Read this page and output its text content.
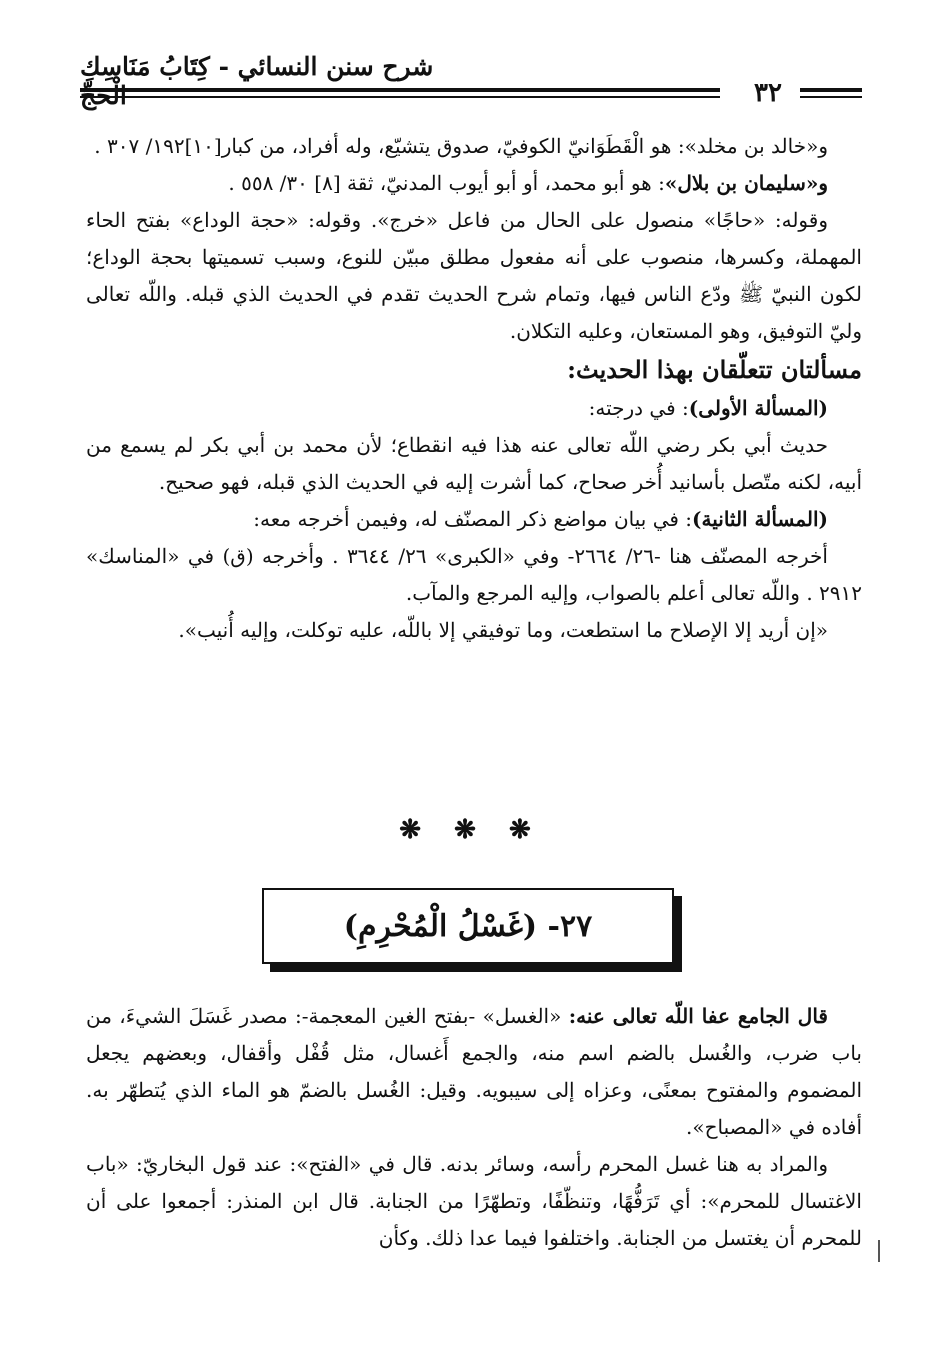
شرح سنن النسائي - كِتَابُ مَنَاسِكِ
٣٢

و«خالد بن مخلد»: هو الْقَطَوَانيّ الكوفيّ، صدوق يتشيّع، وله أفراد، من كبار[١٠]١٩٢/ ٣٠٧ .

و«سليمان بن بلال»: هو أبو محمد، أو أبو أيوب المدنيّ، ثقة [٨] ٣٠/ ٥٥٨ .

وقوله: «حاجًا» منصول على الحال من فاعل «خرج». وقوله: «حجة الوداع» بفتح الحاء المهملة، وكسرها، منصوب على أنه مفعول مطلق مبيّن للنوع، وسبب تسميتها بحجة الوداع؛ لكون النبيّ ﷺ ودّع الناس فيها، وتمام شرح الحديث تقدم في الحديث الذي قبله. واللّه تعالى وليّ التوفيق، وهو المستعان، وعليه التكلان.

مسألتان تتعلّقان بهذا الحديث:

(المسألة الأولى): في درجته:

حديث أبي بكر رضي اللّه تعالى عنه هذا فيه انقطاع؛ لأن محمد بن أبي بكر لم يسمع من أبيه، لكنه متّصل بأسانيد أُخر صحاح، كما أشرت إليه في الحديث الذي قبله، فهو صحيح.

(المسألة الثانية): في بيان مواضع ذكر المصنّف له، وفيمن أخرجه معه:

أخرجه المصنّف هنا -٢٦/ ٢٦٦٤- وفي «الكبرى» ٢٦/ ٣٦٤٤ . وأخرجه (ق) في «المناسك» ٢٩١٢ . واللّه تعالى أعلم بالصواب، وإليه المرجع والمآب.

«إن أريد إلا الإصلاح ما استطعت، وما توفيقي إلا باللّه، عليه توكلت، وإليه أُنيب».

❋ ❋ ❋
٢٧- (غَسْلُ الْمُحْرِمِ)

قال الجامع عفا اللّه تعالى عنه: «الغسل» -بفتح الغين المعجمة-: مصدر غَسَلَ الشيءَ، من باب ضرب، والغُسل بالضم اسم منه، والجمع أَغسال، مثل قُفْل وأقفال، وبعضهم يجعل المضموم والمفتوح بمعنًى، وعزاه إلى سيبويه. وقيل: الغُسل بالضمّ هو الماء الذي يُتطهّر به. أفاده في «المصباح».

والمراد به هنا غسل المحرم رأسه، وسائر بدنه. قال في «الفتح»: عند قول البخاريّ: «باب الاغتسال للمحرم»: أي تَرَفُّهًا، وتنظّفًا، وتطهّرًا من الجنابة. قال ابن المنذر: أجمعوا على أن للمحرم أن يغتسل من الجنابة. واختلفوا فيما عدا ذلك. وكأن
